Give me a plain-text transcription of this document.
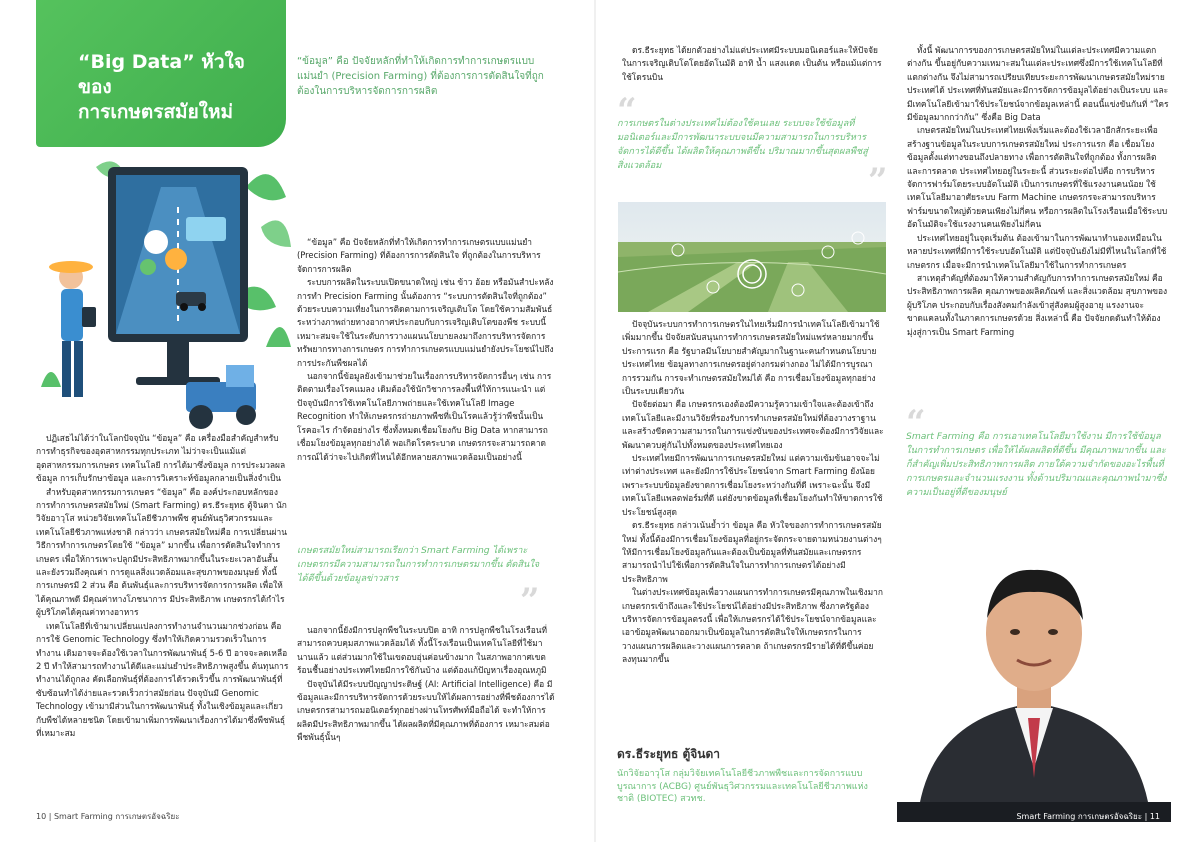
“Big Data” หัวใจของ
การเกษตรสมัยใหม่

“ข้อมูล” คือ ปัจจัยหลักที่ทำให้เกิดการทำการเกษตรแบบแม่นยำ (Precision Farming) ที่ต้องการการตัดสินใจที่ถูกต้องในการบริหารจัดการการผลิต

ปฏิเสธไม่ได้ว่าในโลกปัจจุบัน “ข้อมูล” คือ เครื่องมือสำคัญสำหรับการทำธุรกิจของอุตสาหกรรมทุกประเภท ไม่ว่าจะเป็นแม้แต่อุตสาหกรรมการเกษตร เทคโนโลยี การได้มาซึ่งข้อมูล การประมวลผลข้อมูล การเก็บรักษาข้อมูล และการวิเคราะห์ข้อมูลกลายเป็นสิ่งจำเป็น

สำหรับอุตสาหกรรมการเกษตร “ข้อมูล” คือ องค์ประกอบหลักของการทำการเกษตรสมัยใหม่ (Smart Farming) ดร.ธีระยุทธ ตู้จินดา นักวิจัยอาวุโส หน่วยวิจัยเทคโนโลยีชีวภาพพืช ศูนย์พันธุวิศวกรรมและเทคโนโลยีชีวภาพแห่งชาติ กล่าวว่า เกษตรสมัยใหม่คือ การเปลี่ยนผ่านวิธีการทำการเกษตรโดยใช้ “ข้อมูล” มากขึ้น เพื่อการตัดสินใจทำการเกษตร เพื่อให้การเพาะปลูกมีประสิทธิภาพมากขึ้นในระยะเวลาอันสั้นและยังรวมถึงคุณค่า การดูแลสิ่งแวดล้อมและสุขภาพของมนุษย์ ทั้งนี้การเกษตรมี 2 ส่วน คือ ต้นพันธุ์และการบริหารจัดการการผลิต เพื่อให้ได้คุณภาพดี มีคุณค่าทางโภชนาการ มีประสิทธิภาพ เกษตรกรได้กำไร ผู้บริโภคได้คุณค่าทางอาหาร

เทคโนโลยีที่เข้ามาเปลี่ยนแปลงการทำงานจำนวนมากช่วงก่อน คือการใช้ Genomic Technology ซึ่งทำให้เกิดความรวดเร็วในการทำงาน เดิมอาจจะต้องใช้เวลาในการพัฒนาพันธุ์ 5-6 ปี อาจจะลดเหลือ 2 ปี ทำให้สามารถทำงานได้ดีและแม่นยำประสิทธิภาพสูงขึ้น ต้นทุนการทำงานได้ถูกลง คัดเลือกพันธุ์ที่ต้องการได้รวดเร็วขึ้น การพัฒนาพันธุ์ที่ซับซ้อนทำได้ง่ายและรวดเร็วกว่าสมัยก่อน ปัจจุบันมี Genomic Technology เข้ามามีส่วนในการพัฒนาพันธุ์ ทั้งในเชิงข้อมูลและเกี่ยวกับพืชได้หลายชนิด โดยเข้ามาเพิ่มการพัฒนาเรื่องการได้มาซึ่งพืชพันธุ์ที่เหมาะสม

“ข้อมูล” คือ ปัจจัยหลักที่ทำให้เกิดการทำการเกษตรแบบแม่นยำ (Precision Farming) ที่ต้องการการตัดสินใจ ที่ถูกต้องในการบริหารจัดการการผลิต

ระบบการผลิตในระบบเปิดขนาดใหญ่ เช่น ข้าว อ้อย หรือมันสำปะหลัง การทำ Precision Farming นั้นต้องการ “ระบบการตัดสินใจที่ถูกต้อง” ด้วยระบบความเที่ยงในการติดตามการเจริญเติบโต โดยใช้ความสัมพันธ์ระหว่างภาพถ่ายทางอากาศประกอบกับการเจริญเติบโตของพืช ระบบนี้เหมาะสมจะใช้ในระดับการวางแผนนโยบายลงมาถึงการบริหารจัดการทรัพยากรทางการเกษตร การทำการเกษตรแบบแม่นยำยังประโยชน์ไปถึงการประกันพืชผลได้

นอกจากนี้ข้อมูลยังเข้ามาช่วยในเรื่องการบริหารจัดการอื่นๆ เช่น การติดตามเรื่องโรคแมลง เดิมต้องใช้นักวิชาการลงพื้นที่ให้การแนะนำ แต่ปัจจุบันมีการใช้เทคโนโลยีภาพถ่ายและใช้เทคโนโลยี Image Recognition ทำให้เกษตรกรถ่ายภาพพืชที่เป็นโรคแล้วรู้ว่าพืชนั้นเป็นโรคอะไร กำจัดอย่างไร ซึ่งทั้งหมดเชื่อมโยงกับ Big Data หากสามารถเชื่อมโยงข้อมูลทุกอย่างได้ พอเกิดโรคระบาด เกษตรกรจะสามารถคาดการณ์ได้ว่าจะไปเกิดที่ไหนได้อีกหลายสภาพแวดล้อมเป็นอย่างนี้

เกษตรสมัยใหม่สามารถเรียกว่า Smart Farming ได้เพราะเกษตรกรมีความสามารถในการทำการเกษตรมากขึ้น ตัดสินใจได้ดีขึ้นด้วยข้อมูลข่าวสาร

”

นอกจากนี้ยังมีการปลูกพืชในระบบปิด อาทิ การปลูกพืชในโรงเรือนที่สามารถควบคุมสภาพแวดล้อมได้ ทั้งนี้โรงเรือนเป็นเทคโนโลยีที่ใช้มานานแล้ว แต่ส่วนมากใช้ในเขตอบอุ่นค่อนข้างมาก ในสภาพอากาศเขตร้อนชื้นอย่างประเทศไทยมีการใช้กันบ้าง แต่ต้องแก้ปัญหาเรื่องอุณหภูมิ

ปัจจุบันได้มีระบบปัญญาประดิษฐ์ (AI: Artificial Intelligence) คือ มีข้อมูลและมีการบริหารจัดการด้วยระบบให้ได้ผลการอย่างที่พืชต้องการได้ เกษตรกรสามารถมอนิเตอร์ทุกอย่างผ่านโทรศัพท์มือถือได้ จะทำให้การผลิตมีประสิทธิภาพมากขึ้น ได้ผลผลิตที่มีคุณภาพที่ต้องการ เหมาะสมต่อพืชพันธุ์นั้นๆ

ดร.ธีระยุทธ ได้ยกตัวอย่างไม่แต่ประเทศมีระบบมอนิเตอร์และให้ปัจจัยในการเจริญเติบโตโดยอัตโนมัติ อาทิ น้ำ แสงแดด เป็นต้น หรือแม้แต่การใช้โดรนบิน

“

การเกษตรในต่างประเทศไม่ต้องใช้คนเลย ระบบจะใช้ข้อมูลที่มอนิเตอร์และมีการพัฒนาระบบจนมีความสามารถในการบริหารจัดการได้ดีขึ้น ได้ผลิตให้คุณภาพดีขึ้น ปริมาณมากขึ้นสุดผลพืชสู่สิ่งแวดล้อม	”

ปัจจุบันระบบการทำการเกษตรในไทยเริ่มมีการนำเทคโนโลยีเข้ามาใช้เพิ่มมากขึ้น ปัจจัยสนับสนุนการทำการเกษตรสมัยใหม่แพร่หลายมากขึ้น ประการแรก คือ รัฐบาลมีนโยบายสำคัญมากในฐานะคนกำหนดนโยบายประเทศไทย ข้อมูลทางการเกษตรอยู่ต่างกรมต่างกอง ไม่ได้มีการบูรณาการรวมกัน การจะทำเกษตรสมัยใหม่ได้ คือ การเชื่อมโยงข้อมูลทุกอย่างเป็นระบบเดียวกัน

ปัจจัยต่อมา คือ เกษตรกรเองต้องมีความรู้ความเข้าใจและต้องเข้าถึงเทคโนโลยีและมีงานวิจัยที่รองรับการทำเกษตรสมัยใหม่ที่ต้องวางราฐานและสร้างขีดความสามารถในการแข่งขันของประเทศจะต้องมีการวิจัยและพัฒนาควบคู่กันไปทั้งหมดของประเทศไทยเอง

ประเทศไทยมีการพัฒนาการเกษตรสมัยใหม่ แต่ความเข้มข้นอาจจะไม่เท่าต่างประเทศ และยังมีการใช้ประโยชน์จาก Smart Farming ยังน้อย เพราะระบบข้อมูลยังขาดการเชื่อมโยงระหว่างกันที่ดี เพราะฉะนั้น จึงมีเทคโนโลยีแพลตฟอร์มที่ดี แต่ยังขาดข้อมูลที่เชื่อมโยงกันทำให้ขาดการใช้ประโยชน์สูงสุด

ดร.ธีระยุทธ กล่าวเน้นย้ำว่า ข้อมูล คือ หัวใจของการทำการเกษตรสมัยใหม่ ทั้งนี้ต้องมีการเชื่อมโยงข้อมูลที่อยู่กระจัดกระจายตามหน่วยงานต่างๆ ให้มีการเชื่อมโยงข้อมูลกันและต้องเป็นข้อมูลที่ทันสมัยและเกษตรกรสามารถนำไปใช้เพื่อการตัดสินใจในการทำการเกษตรได้อย่างมีประสิทธิภาพ

ในต่างประเทศข้อมูลเพื่อวางแผนการทำการเกษตรมีคุณภาพในเชิงมาก เกษตรกรเข้าถึงและใช้ประโยชน์ได้อย่างมีประสิทธิภาพ ซึ่งภาครัฐต้องบริหารจัดการข้อมูลตรงนี้ เพื่อให้เกษตรกรได้ใช้ประโยชน์จากข้อมูลและเอาข้อมูลพัฒนาออกมาเป็นข้อมูลในการตัดสินใจให้เกษตรกรในการวางแผนการผลิตและวางแผนการตลาด ถ้าเกษตรกรมีรายได้ที่ดีขึ้นค่อยลงทุนมากขึ้น

ทั้งนี้ พัฒนาการของการเกษตรสมัยใหม่ในแต่ละประเทศมีความแตกต่างกัน ขึ้นอยู่กับความเหมาะสมในแต่ละประเทศซึ่งมีการใช้เทคโนโลยีที่แตกต่างกัน จึงไม่สามารถเปรียบเทียบระยะการพัฒนาเกษตรสมัยใหม่รายประเทศได้ ประเทศที่ทันสมัยและมีการจัดการข้อมูลได้อย่างเป็นระบบ และมีเทคโนโลยีเข้ามาใช้ประโยชน์จากข้อมูลเหล่านี้ ตอนนี้แข่งขันกันที่ “ใครมีข้อมูลมากกว่ากัน” ซึ่งคือ Big Data

เกษตรสมัยใหม่ในประเทศไทยเพิ่งเริ่มและต้องใช้เวลาอีกสักระยะเพื่อสร้างฐานข้อมูลในระบบการเกษตรสมัยใหม่ ประการแรก คือ เชื่อมโยงข้อมูลตั้งแต่ทางขอนถึงปลายทาง เพื่อการตัดสินใจที่ถูกต้อง ทั้งการผลิตและการตลาด ประเทศไทยอยู่ในระยะนี้ ส่วนระยะต่อไปคือ การบริหารจัดการฟาร์มโดยระบบอัตโนมัติ เป็นการเกษตรที่ใช้แรงงานคนน้อย ใช้เทคโนโลยีมาอาศัยระบบ Farm Machine เกษตรกรจะสามารถบริหารฟาร์มขนาดใหญ่ด้วยคนเพียงไม่กี่คน หรือการผลิตในโรงเรือนเมื่อใช้ระบบอัตโนมัติจะใช้แรงงานคนเพียงไม่กี่คน

ประเทศไทยอยู่ในจุดเริ่มต้น ต้องเข้ามาในการพัฒนาทำนองเหมือนในหลายประเทศที่มีการใช้ระบบอัตโนมัติ แต่ปัจจุบันยังไม่มีที่ไหนในโลกที่ใช้เกษตรกร เมื่อจะมีการนำเทคโนโลยีมาใช้ในการทำการเกษตร

สาเหตุสำคัญที่ต้องมาให้ความสำคัญกับการทำการเกษตรสมัยใหม่ คือ ประสิทธิภาพการผลิต คุณภาพของผลิตภัณฑ์ และสิ่งแวดล้อม สุขภาพของผู้บริโภค ประกอบกับเรื่องสังคมกำลังเข้าสู่สังคมผู้สูงอายุ แรงงานจะขาดแคลนทั้งในภาคการเกษตรด้วย สิ่งเหล่านี้ คือ ปัจจัยกดดันทำให้ต้องมุ่งสู่การเป็น Smart Farming

“

Smart Farming คือ การเอาเทคโนโลยีมาใช้งาน มีการใช้ข้อมูลในการทำการเกษตร เพื่อให้ได้ผลผลิตที่ดีขึ้น มีคุณภาพมากขึ้น และก็สำคัญเพิ่มประสิทธิภาพการผลิต ภายใต้ความจำกัดของอะไรพื้นที่การเกษตรและจำนวนแรงงาน ทั้งด้านปริมาณและคุณภาพนำมาซึ่งความเป็นอยู่ที่ดีของมนุษย์

ดร.ธีระยุทธ ตู้จินดา
นักวิจัยอาวุโส กลุ่มวิจัยเทคโนโลยีชีวภาพพืชและการจัดการแบบบูรณาการ (ACBG) ศูนย์พันธุวิศวกรรมและเทคโนโลยีชีวภาพแห่งชาติ (BIOTEC) สวทช.
10 | Smart Farming การเกษตรอัจฉริยะ	Smart Farming การเกษตรอัจฉริยะ | 11
